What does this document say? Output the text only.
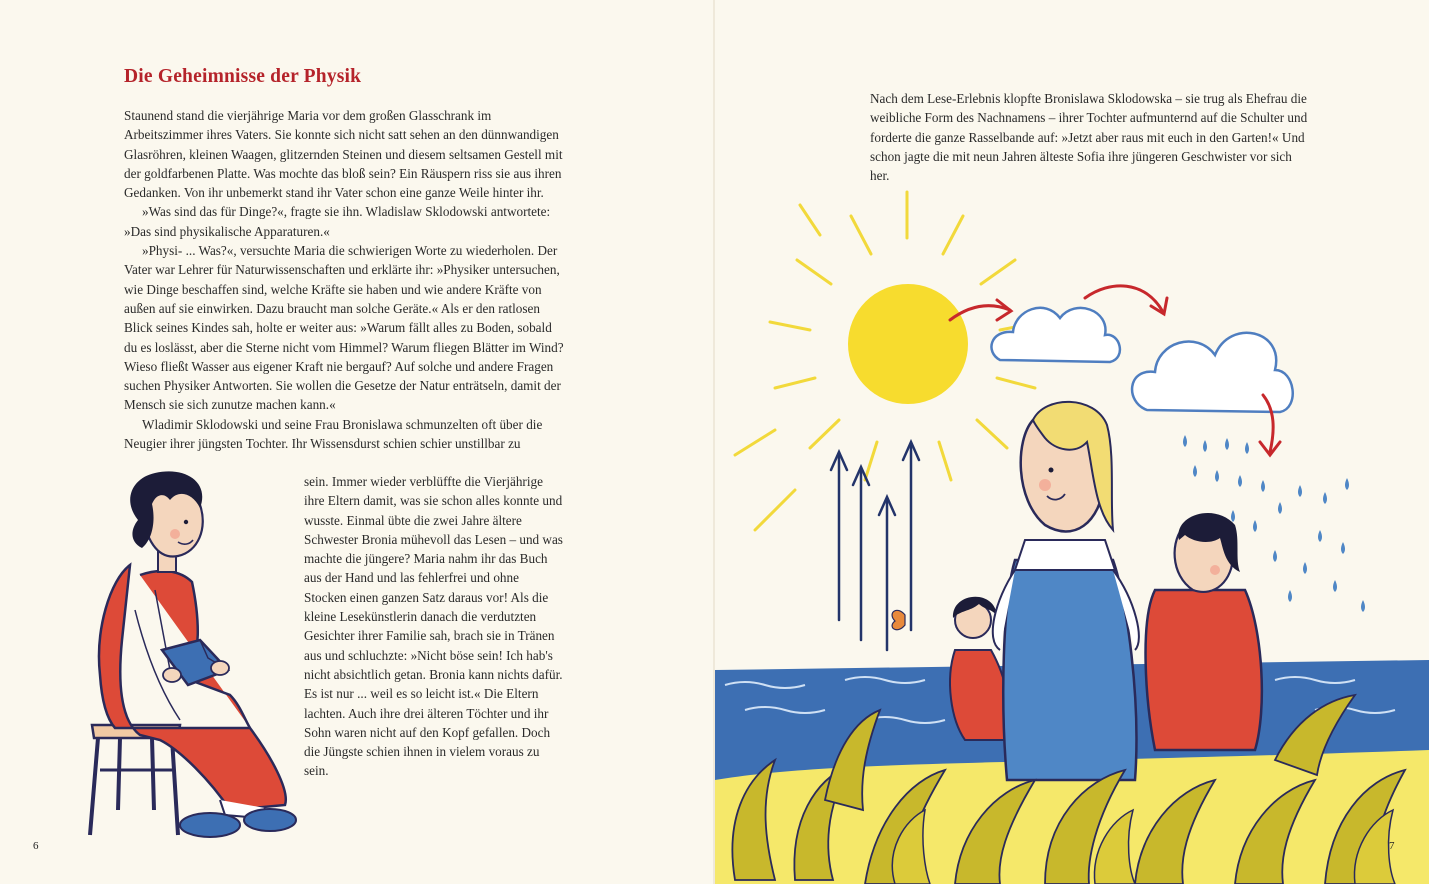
Die Geheimnisse der Physik

Staunend stand die vierjährige Maria vor dem großen Glasschrank im Arbeitszimmer ihres Vaters. Sie konnte sich nicht satt sehen an den dünnwandigen Glasröhren, kleinen Waagen, glitzernden Steinen und diesem seltsamen Gestell mit der goldfarbenen Platte. Was mochte das bloß sein? Ein Räuspern riss sie aus ihren Gedanken. Von ihr unbemerkt stand ihr Vater schon eine ganze Weile hinter ihr.

»Was sind das für Dinge?«, fragte sie ihn. Wladislaw Sklodowski antwortete: »Das sind physikalische Apparaturen.«

»Physi- ... Was?«, versuchte Maria die schwierigen Worte zu wiederholen. Der Vater war Lehrer für Naturwissenschaften und erklärte ihr: »Physiker untersuchen, wie Dinge beschaffen sind, welche Kräfte sie haben und wie andere Kräfte von außen auf sie einwirken. Dazu braucht man solche Geräte.« Als er den ratlosen Blick seines Kindes sah, holte er weiter aus: »Warum fällt alles zu Boden, sobald du es loslässt, aber die Sterne nicht vom Himmel? Warum fliegen Blätter im Wind? Wieso fließt Wasser aus eigener Kraft nie bergauf? Auf solche und andere Fragen suchen Physiker Antworten. Sie wollen die Gesetze der Natur enträtseln, damit der Mensch sie sich zunutze machen kann.«

Wladimir Sklodowski und seine Frau Bronislawa schmunzelten oft über die Neugier ihrer jüngsten Tochter. Ihr Wissensdurst schien schier unstillbar zu

sein. Immer wieder verblüffte die Vierjährige ihre Eltern damit, was sie schon alles konnte und wusste. Einmal übte die zwei Jahre ältere Schwester Bronia mühevoll das Lesen – und was machte die jüngere? Maria nahm ihr das Buch aus der Hand und las fehlerfrei und ohne Stocken einen ganzen Satz daraus vor! Als die kleine Lesekünstlerin danach die verdutzten Gesichter ihrer Familie sah, brach sie in Tränen aus und schluchzte: »Nicht böse sein! Ich hab's nicht absichtlich getan. Bronia kann nichts dafür. Es ist nur ... weil es so leicht ist.« Die Eltern lachten. Auch ihre drei älteren Töchter und ihr Sohn waren nicht auf den Kopf gefallen. Doch die Jüngste schien ihnen in vielem voraus zu sein.

6

Nach dem Lese-Erlebnis klopfte Bronislawa Sklodowska – sie trug als Ehefrau die weibliche Form des Nachnamens – ihrer Tochter aufmunternd auf die Schulter und forderte die ganze Rasselbande auf: »Jetzt aber raus mit euch in den Garten!« Und schon jagte die mit neun Jahren älteste Sofia ihre jüngeren Geschwister vor sich her.

7
